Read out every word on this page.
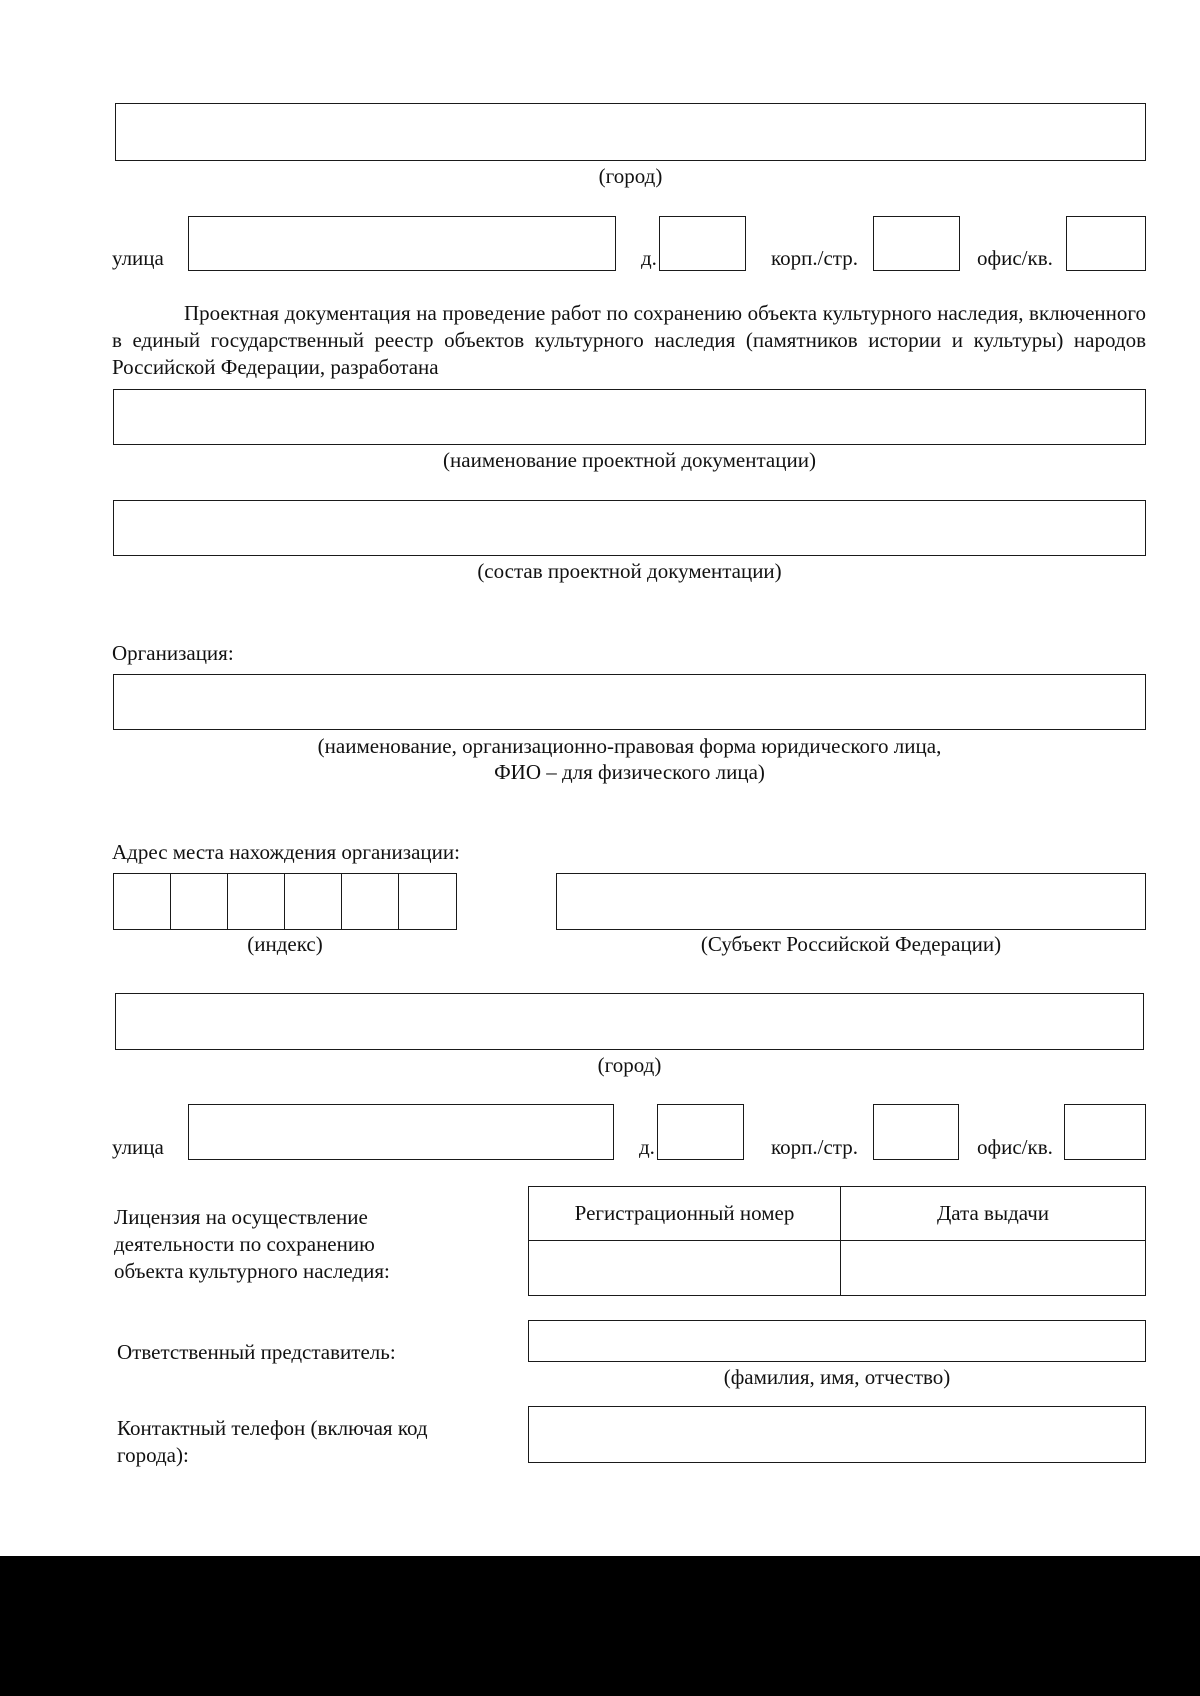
(город)
улица	д.	корп./стр.	офис/кв.
Проектная документация на проведение работ по сохранению объекта культурного наследия, включенного в единый государственный реестр объектов культурного наследия (памятников истории и культуры) народов Российской Федерации, разработана
(наименование проектной документации)
(состав проектной документации)
Организация:
(наименование, организационно-правовая форма юридического лица,
ФИО – для физического лица)
Адрес места нахождения организации:
(индекс)	(Субъект Российской Федерации)
(город)
улица	д.	корп./стр.	офис/кв.
Лицензия на осуществление
деятельности по сохранению
объекта культурного наследия:
Регистрационный номер	Дата выдачи

Ответственный представитель:
(фамилия, имя, отчество)
Контактный телефон (включая код
города):
